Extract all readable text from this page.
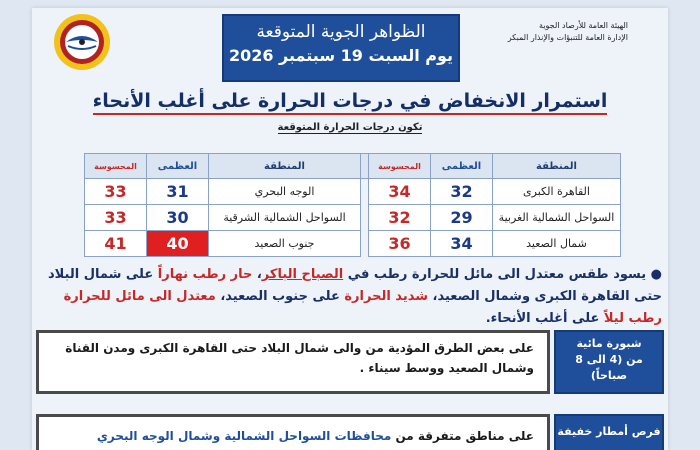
الهيئة العامة للأرصاد الجوية
الإدارة العامة للتنبؤات والإنذار المبكر
الظواهر الجوية المتوقعة
يوم السبت 19 سبتمبر 2026
استمرار الانخفاض في درجات الحرارة على أغلب الأنحاء
تكون درجات الحرارة المتوقعة
المنطقة	العظمى	المحسوسة		المنطقة	العظمى	المحسوسة
القاهرة الكبرى	32	34		الوجه البحري	31	33
السواحل الشمالية الغربية	29	32		السواحل الشمالية الشرقية	30	33
شمال الصعيد	34	36		جنوب الصعيد	40	41
● يسود طقس معتدل الى مائل للحرارة رطب في الصباح الباكر، حار رطب نهاراً على شمال البلاد حتى القاهرة الكبرى وشمال الصعيد، شديد الحرارة على جنوب الصعيد، معتدل الى مائل للحرارة رطب ليلاً على أغلب الأنحاء.
على بعض الطرق المؤدية من والى شمال البلاد حتى القاهرة الكبرى ومدن القناة وشمال الصعيد ووسط سيناء .
شبورة مائية
من (4 الى 8 صباحاً)
على مناطق متفرقة من محافظات السواحل الشمالية وشمال الوجه البحري	فرص أمطار خفيفة
